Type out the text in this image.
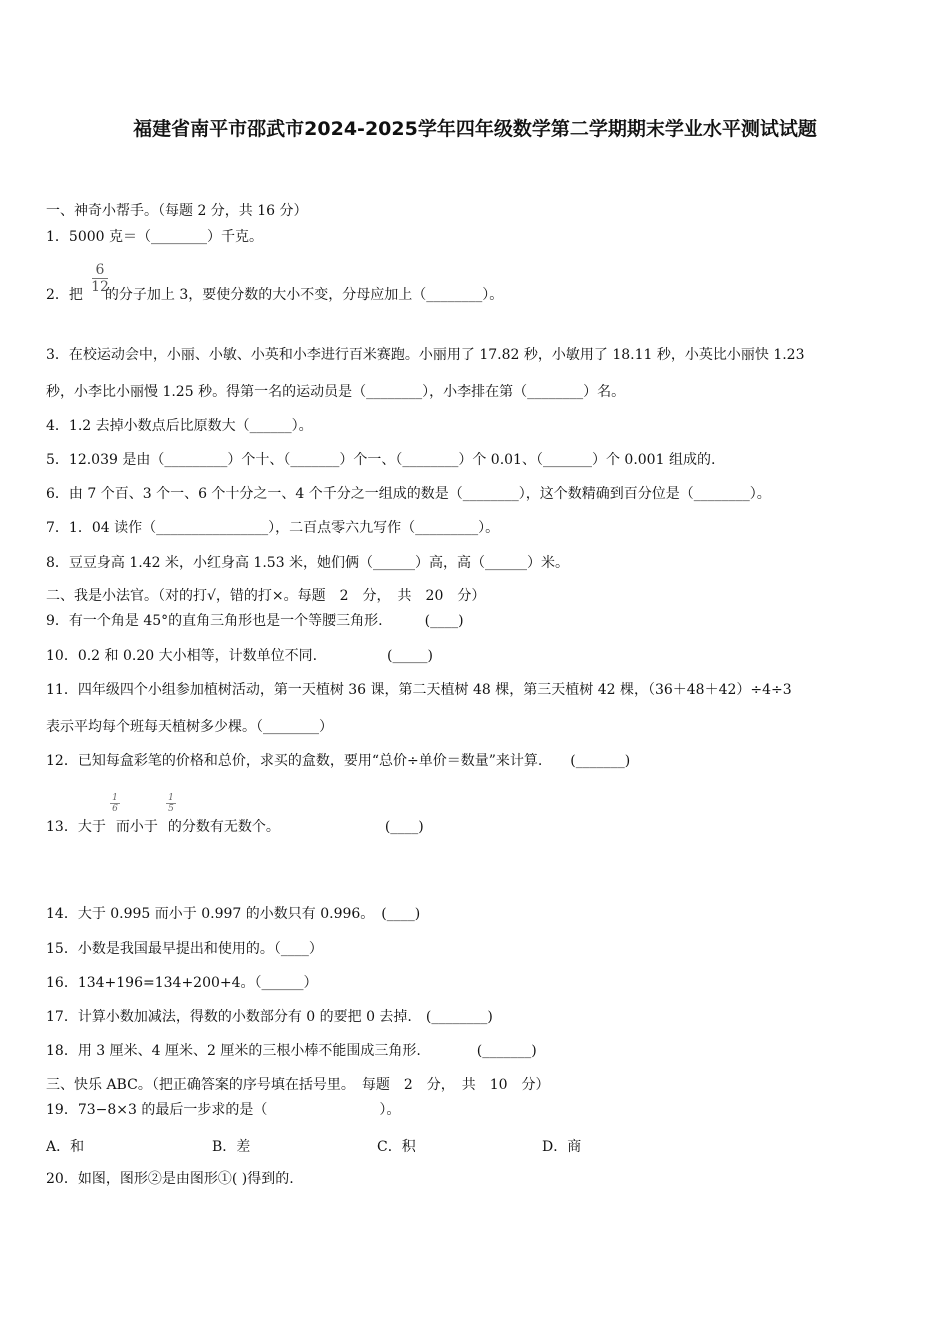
福建省南平市邵武市2024-2025学年四年级数学第二学期期末学业水平测试试题
一、神奇小帮手。（每题 2 分，共 16 分）
1．5000 克＝（________）千克。
2．把 的分子加上 3，要使分数的大小不变，分母应加上（________）。
6
12
3．在校运动会中，小丽、小敏、小英和小李进行百米赛跑。小丽用了 17.82 秒，小敏用了 18.11 秒，小英比小丽快 1.23
秒，小李比小丽慢 1.25 秒。得第一名的运动员是（________），小李排在第（________）名。
4．1.2 去掉小数点后比原数大（______）。
5．12.039 是由（_________）个十、（_______）个一、（________）个 0.01、（_______）个 0.001 组成的.
6．由 7 个百、3 个一、6 个十分之一、4 个千分之一组成的数是（________），这个数精确到百分位是（________）。
7．1．04 读作（________________），二百点零六九写作（_________）。
8．豆豆身高 1.42 米，小红身高 1.53 米，她们俩（______）高，高（______）米。
二、我是小法官。（对的打√，错的打×。每题　2　分，　共　20　分）
9．有一个角是 45°的直角三角形也是一个等腰三角形.　　　(____)
10．0.2 和 0.20 大小相等，计数单位不同.　　　　　(_____)
11．四年级四个小组参加植树活动，第一天植树 36 课，第二天植树 48 棵，第三天植树 42 棵，（36＋48＋42）÷4÷3
表示平均每个班每天植树多少棵。（________）
12．已知每盒彩笔的价格和总价，求买的盒数，要用“总价÷单价＝数量”来计算.　　(_______)
13．大于 而小于 的分数有无数个。　　　　　　　　(____)
1
6
1
5
14．大于 0.995 而小于 0.997 的小数只有 0.996。　(____)
15．小数是我国最早提出和使用的。（____）
16．134+196=134+200+4。（______）
17．计算小数加减法，得数的小数部分有 0 的要把 0 去掉.　(________)
18．用 3 厘米、4 厘米、2 厘米的三根小棒不能围成三角形.　　　　(_______)
三、快乐 ABC。（把正确答案的序号填在括号里。　每题　2　分，　共　10　分）
19．73−8×3 的最后一步求的是（　　　　　　　　）。
A．和	B．差	C．积	D．商
20．如图，图形②是由图形①( )得到的.
